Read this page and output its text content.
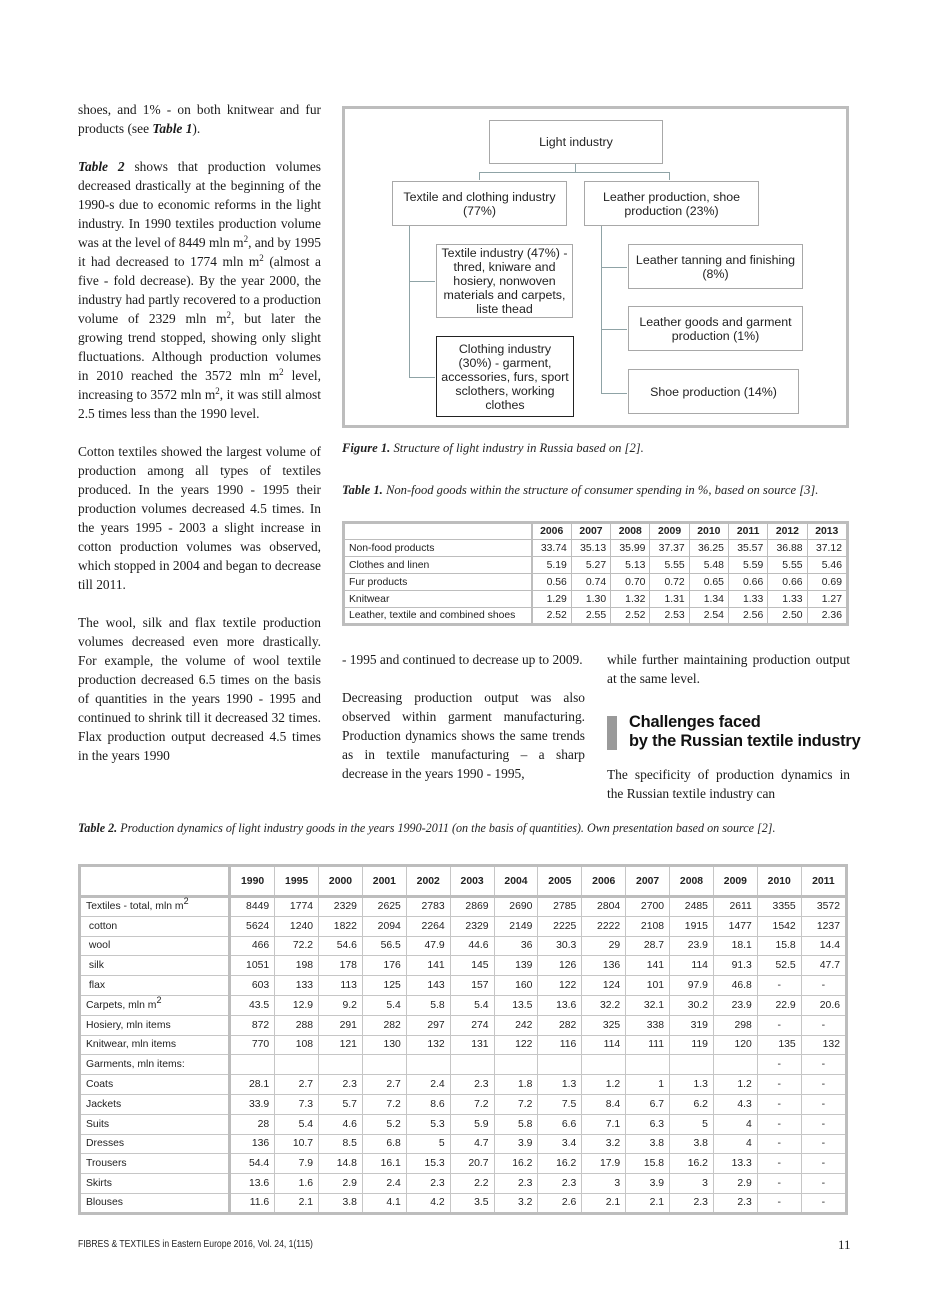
shoes, and 1% - on both knitwear and fur products (see Table 1).

Table 2 shows that production volumes decreased drastically at the beginning of the 1990-s due to economic reforms in the light industry. In 1990 textiles production volume was at the level of 8449 mln $m^2$, and by 1995 it had decreased to 1774 mln $m^2$ (almost a five - fold decrease). By the year 2000, the industry had partly recovered to a production volume of 2329 mln $m^2$, but later the growing trend stopped, showing only slight fluctuations. Although production volumes in 2010 reached the 3572 mln $m^2$ level, increasing to 3572 mln $m^2$, it was still almost 2.5 times less than the 1990 level.

Cotton textiles showed the largest volume of production among all types of textiles produced. In the years 1990 - 1995 their production volumes decreased 4.5 times. In the years 1995 - 2003 a slight increase in cotton production volumes was observed, which stopped in 2004 and began to decrease till 2011.

The wool, silk and flax textile production volumes decreased even more drastically. For example, the volume of wool textile production decreased 6.5 times on the basis of quantities in the years 1990 - 1995 and continued to shrink till it decreased 32 times. Flax production output decreased 4.5 times in the years 1990

Light industry
Textile and clothing industry (77%)
Leather production, shoe production (23%)
Textile industry (47%) - thred, kniware and hosiery, nonwoven materials and carpets, liste thead
Clothing industry (30%) - garment, accessories, furs, sport sclothers, working clothes
Leather tanning and finishing (8%)
Leather goods and garment production (1%)
Shoe production (14%)
Figure 1. Structure of light industry in Russia based on [2].
Table 1. Non-food goods within the structure of consumer spending in %, based on source [3].
	2006	2007	2008	2009	2010	2011	2012	2013
Non-food products	33.74	35.13	35.99	37.37	36.25	35.57	36.88	37.12
Clothes and linen	5.19	5.27	5.13	5.55	5.48	5.59	5.55	5.46
Fur products	0.56	0.74	0.70	0.72	0.65	0.66	0.66	0.69
Knitwear	1.29	1.30	1.32	1.31	1.34	1.33	1.33	1.27
Leather, textile and combined shoes	2.52	2.55	2.52	2.53	2.54	2.56	2.50	2.36

- 1995 and continued to decrease up to 2009.

Decreasing production output was also observed within garment manufacturing. Production dynamics shows the same trends as in textile manufacturing – a sharp decrease in the years 1990 - 1995,

while further maintaining production output at the same level.

Challenges faced
by the Russian textile industry
The specificity of production dynamics in the Russian textile industry can
Table 2. Production dynamics of light industry goods in the years 1990-2011 (on the basis of quantities). Own presentation based on source [2].
	1990	1995	2000	2001	2002	2003	2004	2005	2006	2007	2008	2009	2010	2011
Textiles - total, mln $m^2$	8449	1774	2329	2625	2783	2869	2690	2785	2804	2700	2485	2611	3355	3572
cotton	5624	1240	1822	2094	2264	2329	2149	2225	2222	2108	1915	1477	1542	1237
wool	466	72.2	54.6	56.5	47.9	44.6	36	30.3	29	28.7	23.9	18.1	15.8	14.4
silk	1051	198	178	176	141	145	139	126	136	141	114	91.3	52.5	47.7
flax	603	133	113	125	143	157	160	122	124	101	97.9	46.8	-	-
Carpets, mln $m^2$	43.5	12.9	9.2	5.4	5.8	5.4	13.5	13.6	32.2	32.1	30.2	23.9	22.9	20.6
Hosiery, mln items	872	288	291	282	297	274	242	282	325	338	319	298	-	-
Knitwear, mln items	770	108	121	130	132	131	122	116	114	111	119	120	135	132
Garments, mln items:													-	-
Coats	28.1	2.7	2.3	2.7	2.4	2.3	1.8	1.3	1.2	1	1.3	1.2	-	-
Jackets	33.9	7.3	5.7	7.2	8.6	7.2	7.2	7.5	8.4	6.7	6.2	4.3	-	-
Suits	28	5.4	4.6	5.2	5.3	5.9	5.8	6.6	7.1	6.3	5	4	-	-
Dresses	136	10.7	8.5	6.8	5	4.7	3.9	3.4	3.2	3.8	3.8	4	-	-
Trousers	54.4	7.9	14.8	16.1	15.3	20.7	16.2	16.2	17.9	15.8	16.2	13.3	-	-
Skirts	13.6	1.6	2.9	2.4	2.3	2.2	2.3	2.3	3	3.9	3	2.9	-	-
Blouses	11.6	2.1	3.8	4.1	4.2	3.5	3.2	2.6	2.1	2.1	2.3	2.3	-	-
FIBRES & TEXTILES in Eastern Europe 2016, Vol. 24, 1(115)	11
